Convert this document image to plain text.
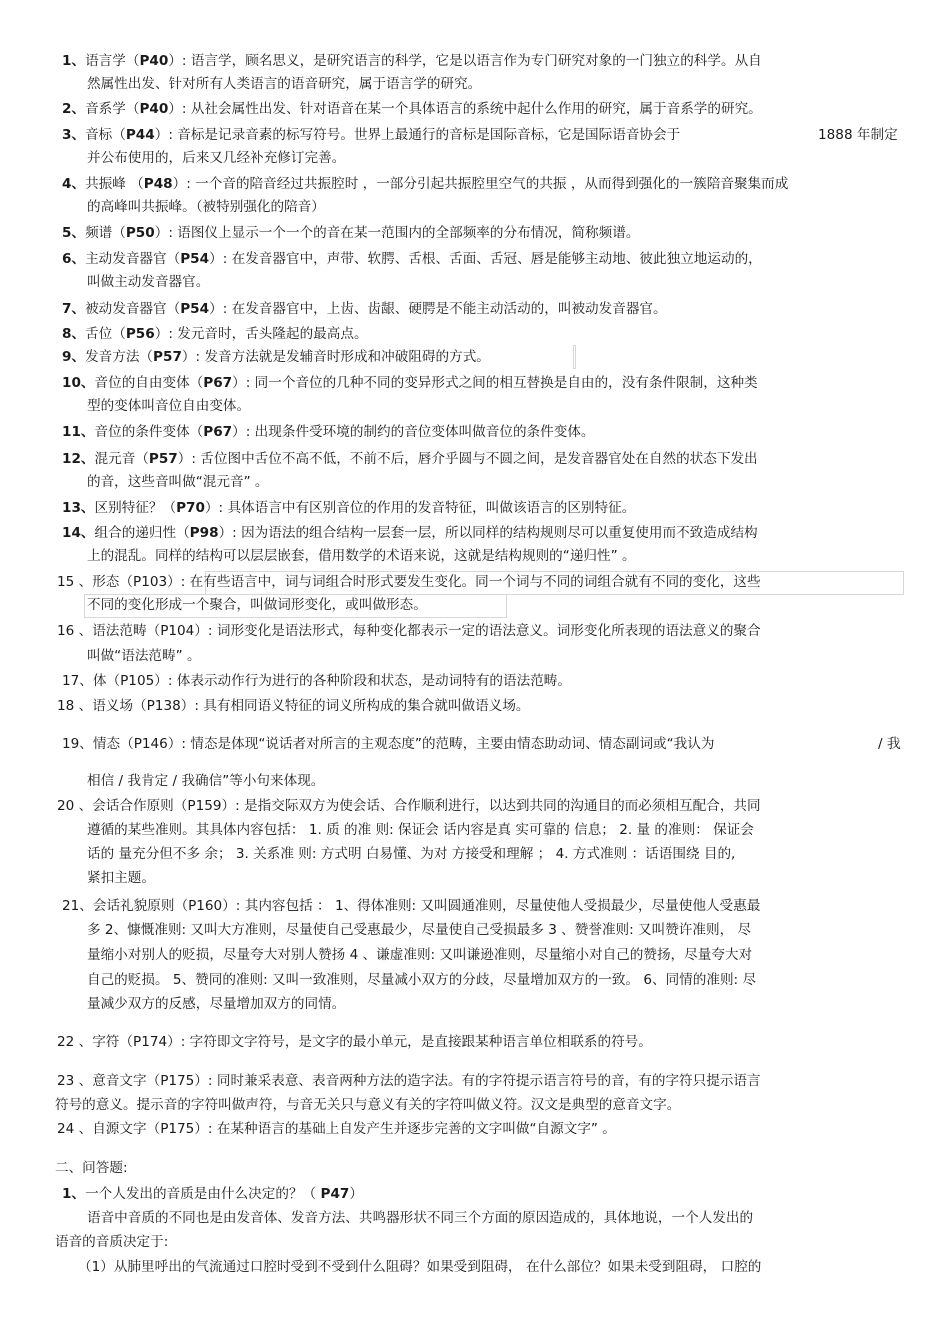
1、语言学（P40）: 语言学，顾名思义，是研究语言的科学，它是以语言作为专门研究对象的一门独立的科学。从自
然属性出发、针对所有人类语言的语音研究，属于语言学的研究。
2、音系学（P40）: 从社会属性出发、针对语音在某一个具体语言的系统中起什么作用的研究，属于音系学的研究。
3、音标（P44）: 音标是记录音素的标写符号。世界上最通行的音标是国际音标，它是国际语音协会于	1888 年制定
并公布使用的，后来又几经补充修订完善。
4、共振峰 （P48）: 一个音的陪音经过共振腔时 ，一部分引起共振腔里空气的共振 ，从而得到强化的一簇陪音聚集而成
的高峰叫共振峰。（被特别强化的陪音）
5、频谱（P50）: 语图仪上显示一个一个的音在某一范围内的全部频率的分布情况，简称频谱。
6、主动发音器官（P54）: 在发音器官中，声带、软腭、舌根、舌面、舌冠、唇是能够主动地、彼此独立地运动的，
叫做主动发音器官。
7、被动发音器官（P54）: 在发音器官中，上齿、齿龈、硬腭是不能主动活动的，叫被动发音器官。
8、舌位（P56）: 发元音时，舌头隆起的最高点。
9、发音方法（P57）: 发音方法就是发辅音时形成和冲破阻碍的方式。
10、音位的自由变体（P67）: 同一个音位的几种不同的变异形式之间的相互替换是自由的，没有条件限制，这种类
型的变体叫音位自由变体。
11、音位的条件变体（P67）: 出现条件受环境的制约的音位变体叫做音位的条件变体。
12、混元音（P57）: 舌位图中舌位不高不低，不前不后，唇介乎圆与不圆之间，是发音器官处在自然的状态下发出
的音，这些音叫做“混元音” 。
13、区别特征？（P70）: 具体语言中有区别音位的作用的发音特征，叫做该语言的区别特征。
14、组合的递归性（P98）: 因为语法的组合结构一层套一层，所以同样的结构规则尽可以重复使用而不致造成结构
上的混乱。同样的结构可以层层嵌套，借用数学的术语来说，这就是结构规则的“递归性” 。
15 、形态（P103）: 在有些语言中，词与词组合时形式要发生变化。同一个词与不同的词组合就有不同的变化，这些
不同的变化形成一个聚合，叫做词形变化，或叫做形态。
16 、语法范畴（P104）: 词形变化是语法形式，每种变化都表示一定的语法意义。词形变化所表现的语法意义的聚合
叫做“语法范畴” 。
17、体（P105）: 体表示动作行为进行的各种阶段和状态，是动词特有的语法范畴。
18 、语义场（P138）: 具有相同语义特征的词义所构成的集合就叫做语义场。
19、情态（P146）: 情态是体现“说话者对所言的主观态度”的范畴，主要由情态助动词、情态副词或“我认为	/ 我
相信 / 我肯定 / 我确信”等小句来体现。
20 、会话合作原则（P159）: 是指交际双方为使会话、合作顺利进行，以达到共同的沟通目的而必须相互配合，共同
遵循的某些准则。其具体内容包括： 1. 质 的准 则: 保证会 话内容是真 实可靠的 信息； 2. 量 的准则： 保证会
话的 量充分但不多 余； 3. 关系准 则: 方式明 白易懂、为对 方接受和理解 ； 4. 方式准则 ：话语围绕 目的,
紧扣主题。
21、会话礼貌原则（P160）: 其内容包括 ： 1、得体准则: 又叫圆通准则，尽量使他人受损最少，尽量使他人受惠最
多 2、慷慨准则: 又叫大方准则，尽量使自己受惠最少，尽量使自己受损最多 3 、赞誉准则: 又叫赞许准则， 尽
量缩小对别人的贬损，尽量夸大对别人赞扬 4 、谦虚准则: 又叫谦逊准则，尽量缩小对自己的赞扬，尽量夸大对
自己的贬损。 5、赞同的准则: 又叫一致准则，尽量减小双方的分歧，尽量增加双方的一致。 6、同情的准则: 尽
量减少双方的反感，尽量增加双方的同情。
22 、字符（P174）: 字符即文字符号，是文字的最小单元，是直接跟某种语言单位相联系的符号。
23 、意音文字（P175）: 同时兼采表意、表音两种方法的造字法。有的字符提示语言符号的音，有的字符只提示语言
符号的意义。提示音的字符叫做声符，与音无关只与意义有关的字符叫做义符。汉文是典型的意音文字。
24 、自源文字（P175）: 在某种语言的基础上自发产生并逐步完善的文字叫做“自源文字” 。
二、问答题:
1、一个人发出的音质是由什么决定的？（ P47）
语音中音质的不同也是由发音体、发音方法、共鸣器形状不同三个方面的原因造成的，具体地说，一个人发出的
语音的音质决定于:
（1）从肺里呼出的气流通过口腔时受到不受到什么阻碍？如果受到阻碍， 在什么部位？如果未受到阻碍， 口腔的
